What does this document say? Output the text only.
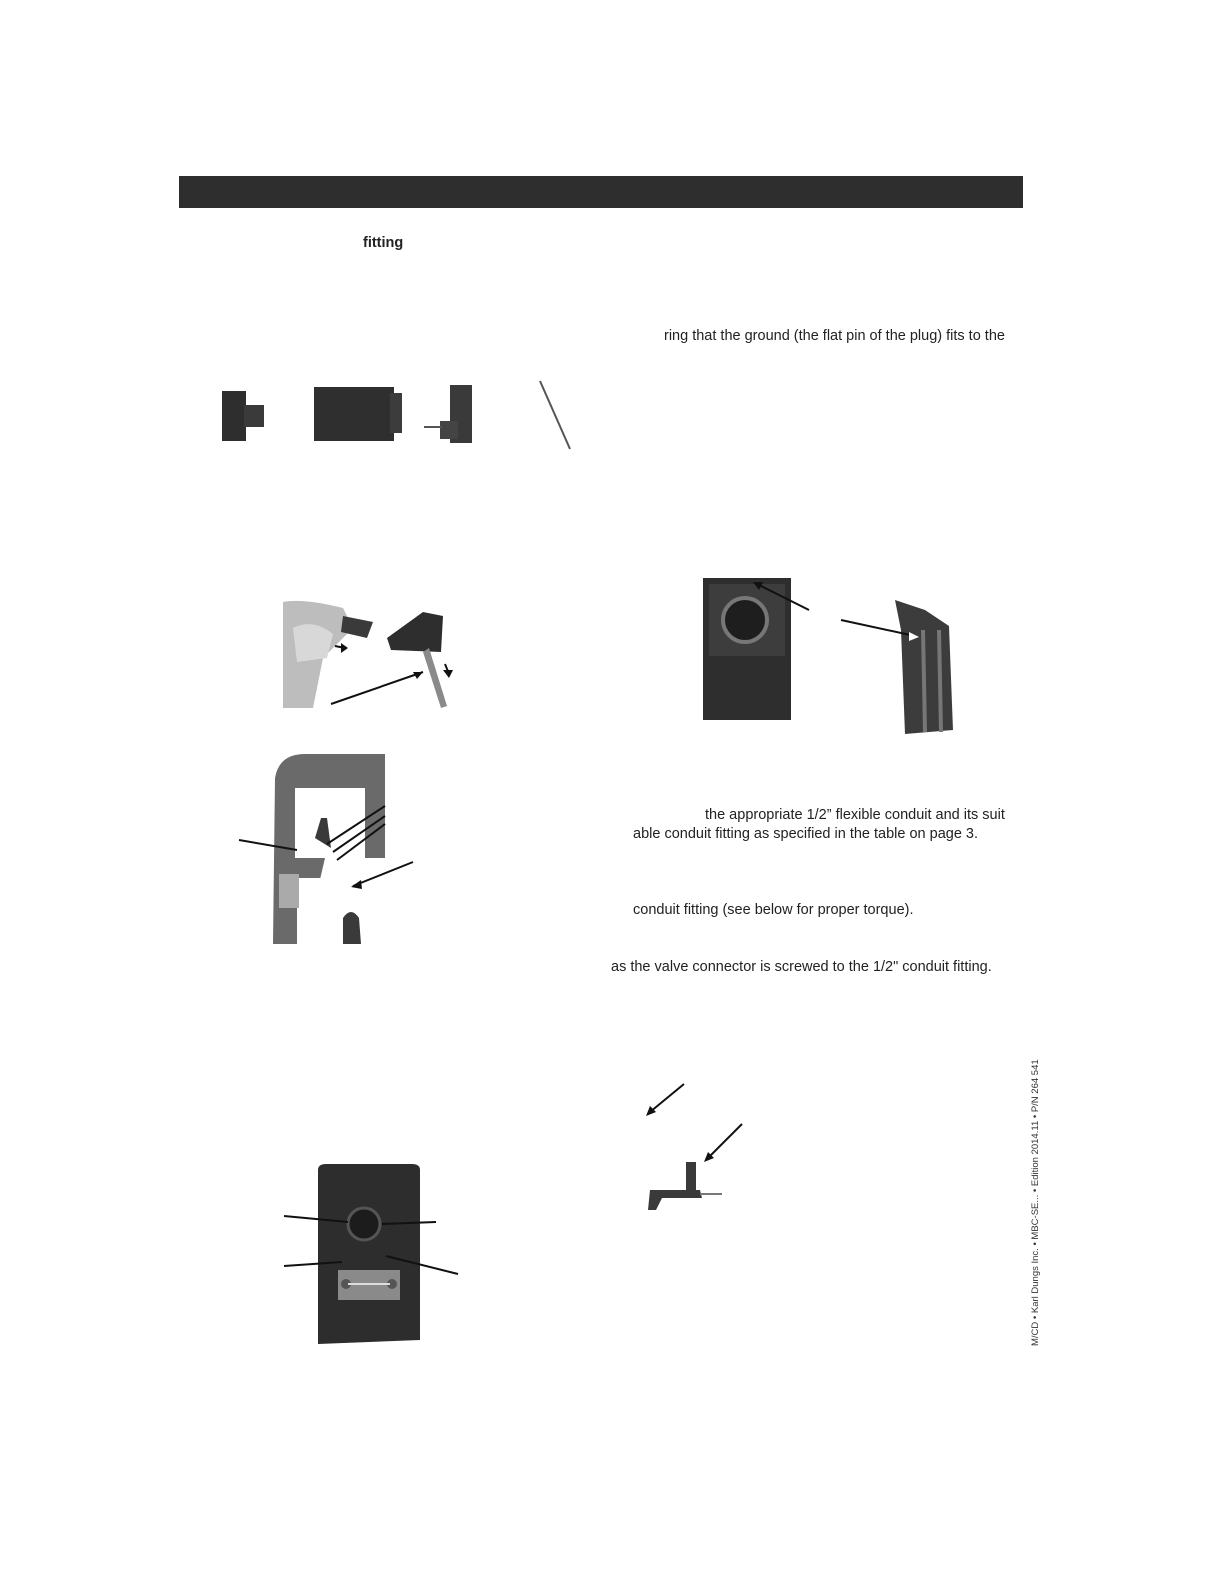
fitting
ring that the ground (the flat pin of the plug) fits to the
the appropriate 1/2” flexible conduit and its suit
able conduit fitting as specified in the table on page 3.
conduit fitting (see below for proper torque).
as the valve connector is screwed to the 1/2" conduit fitting.
M/CD • Karl Dungs Inc. • MBC-SE... • Edition 2014.11 • P/N 264 541
